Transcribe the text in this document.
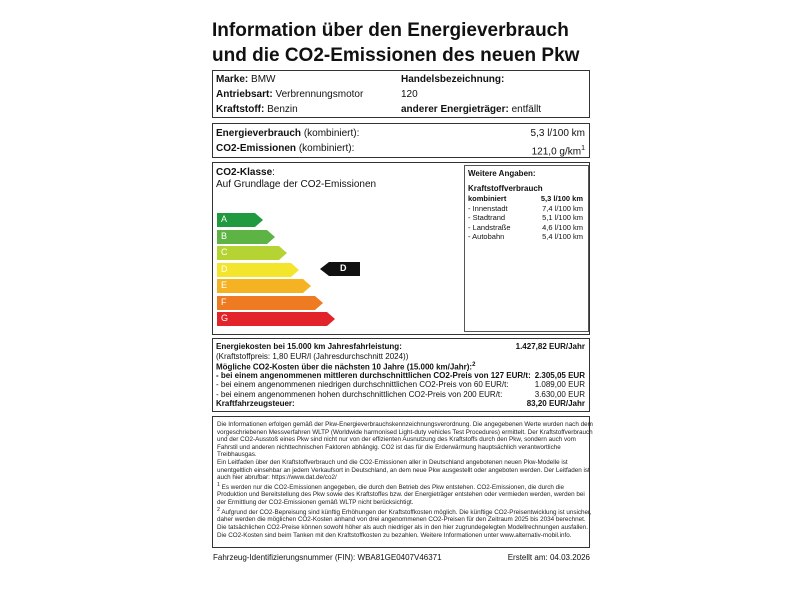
Information über den Energieverbrauch
und die CO2-Emissionen des neuen Pkw
Marke: BMW
Antriebsart: Verbrennungsmotor
Kraftstoff: Benzin
Handelsbezeichnung:
120
anderer Energieträger: entfällt
Energieverbrauch (kombiniert):	5,3 l/100 km
CO2-Emissionen (kombiniert):	121,0 $g/km^1$
CO2-Klasse:
Auf Grundlage der CO2-Emissionen
A
B
C
D
E
F
G
D
Weitere Angaben:
Kraftstoffverbrauch
kombiniert	5,3 l/100 km
- Innenstadt	7,4 l/100 km
- Stadtrand	5,1 l/100 km
- Landstraße	4,6 l/100 km
- Autobahn	5,4 l/100 km
Energiekosten bei 15.000 km Jahresfahrleistung:	1.427,82 EUR/Jahr
(Kraftstoffpreis: 1,80 EUR/l (Jahresdurchschnitt 2024))
Mögliche CO2-Kosten über die nächsten 10 Jahre (15.000 km/Jahr):$^2$
- bei einem angenommenen mittleren durchschnittlichen CO2-Preis von 127 EUR/t: 2.305,05 EUR
- bei einem angenommenen niedrigen durchschnittlichen CO2-Preis von 60 EUR/t:	1.089,00 EUR
- bei einem angenommenen hohen durchschnittlichen CO2-Preis von 200 EUR/t:	3.630,00 EUR
Kraftfahrzeugsteuer:	83,20 EUR/Jahr

Die Informationen erfolgen gemäß der Pkw-Energieverbrauchskennzeichnungsverordnung. Die angegebenen Werte wurden nach dem vorgeschriebenen Messverfahren WLTP (Worldwide harmonised Light-duty vehicles Test Procedures) ermittelt. Der Kraftstoffverbrauch und der CO2-Ausstoß eines Pkw sind nicht nur von der effizienten Ausnutzung des Kraftstoffs durch den Pkw, sondern auch vom Fahrstil und anderen nichttechnischen Faktoren abhängig. CO2 ist das für die Erderwärmung hauptsächlich verantwortliche Treibhausgas.

Ein Leitfaden über den Kraftstoffverbrauch und die CO2-Emissionen aller in Deutschland angebotenen neuen Pkw-Modelle ist unentgeltlich einsehbar an jedem Verkaufsort in Deutschland, an dem neue Pkw ausgestellt oder angeboten werden. Der Leitfaden ist auch hier abrufbar: https://www.dat.de/co2/

$^1$ Es werden nur die CO2-Emissionen angegeben, die durch den Betrieb des Pkw entstehen. CO2-Emissionen, die durch die Produktion und Bereitstellung des Pkw sowie des Kraftstoffes bzw. der Energieträger entstehen oder vermieden werden, werden bei der Ermittlung der CO2-Emissionen gemäß WLTP nicht berücksichtigt.

$^2$ Aufgrund der CO2-Bepreisung sind künftig Erhöhungen der Kraftstoffkosten möglich. Die künftige CO2-Preisentwicklung ist unsicher, daher werden die möglichen CO2-Kosten anhand von drei angenommenen CO2-Preisen für den Zeitraum 2025 bis 2034 berechnet. Die tatsächlichen CO2-Preise können sowohl höher als auch niedriger als in den hier zugrundegelegten Modellrechnungen ausfallen. Die CO2-Kosten sind beim Tanken mit den Kraftstoffkosten zu bezahlen. Weitere Informationen unter www.alternativ-mobil.info.

Fahrzeug-Identifizierungsnummer (FIN): WBA81GE0407V46371	Erstellt am: 04.03.2026
